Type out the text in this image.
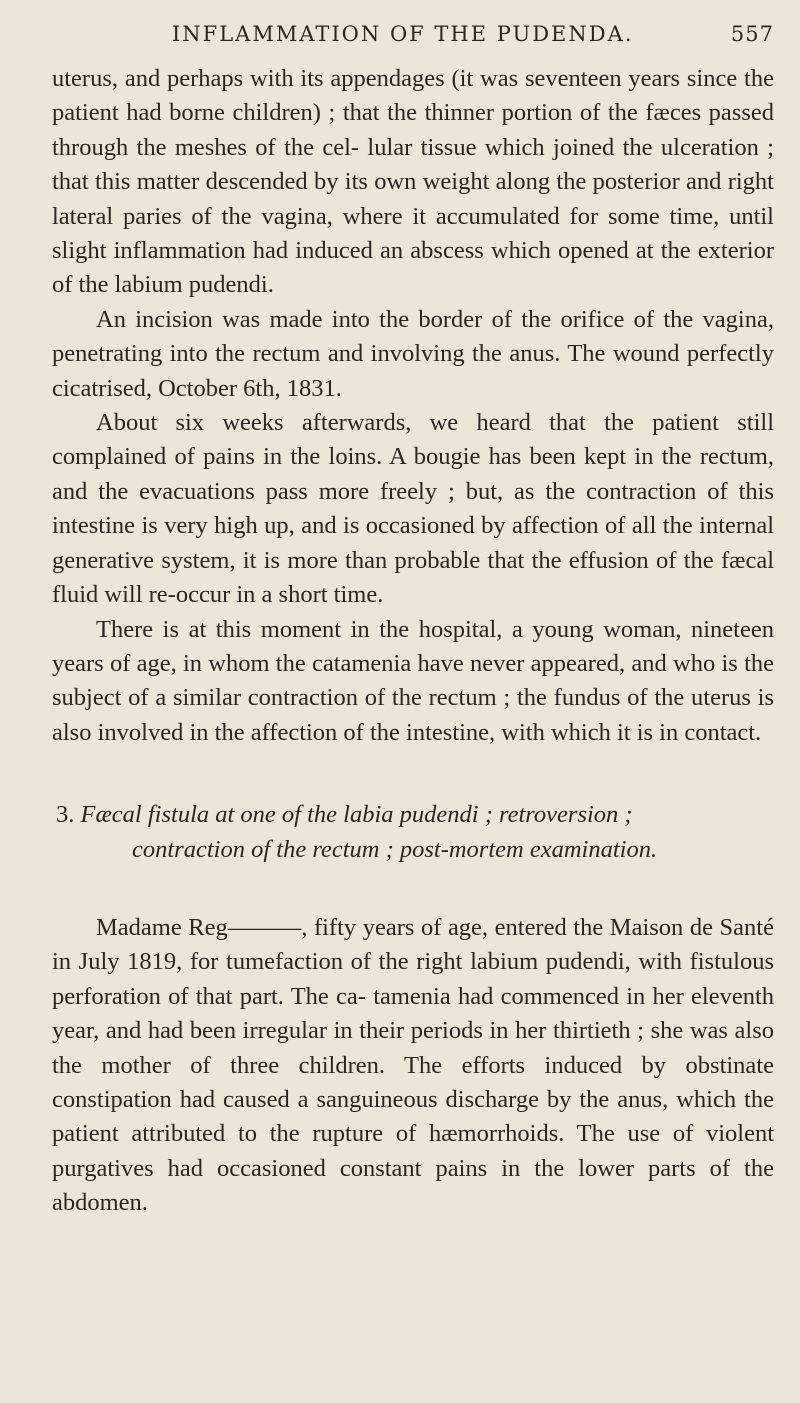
INFLAMMATION OF THE PUDENDA.	557

uterus, and perhaps with its appendages (it was seventeen years since the patient had borne children) ; that the thinner portion of the fæces passed through the meshes of the cel- lular tissue which joined the ulceration ; that this matter descended by its own weight along the posterior and right lateral paries of the vagina, where it accumulated for some time, until slight inflammation had induced an abscess which opened at the exterior of the labium pudendi.

An incision was made into the border of the orifice of the vagina, penetrating into the rectum and involving the anus. The wound perfectly cicatrised, October 6th, 1831.

About six weeks afterwards, we heard that the patient still complained of pains in the loins. A bougie has been kept in the rectum, and the evacuations pass more freely ; but, as the contraction of this intestine is very high up, and is occasioned by affection of all the internal generative system, it is more than probable that the effusion of the fæcal fluid will re-occur in a short time.

There is at this moment in the hospital, a young woman, nineteen years of age, in whom the catamenia have never appeared, and who is the subject of a similar contraction of the rectum ; the fundus of the uterus is also involved in the affection of the intestine, with which it is in contact.

3. Fæcal fistula at one of the labia pudendi ; retroversion ;
contraction of the rectum ; post-mortem examination.

Madame Reg———, fifty years of age, entered the Maison de Santé in July 1819, for tumefaction of the right labium pudendi, with fistulous perforation of that part. The ca- tamenia had commenced in her eleventh year, and had been irregular in their periods in her thirtieth ; she was also the mother of three children. The efforts induced by obstinate constipation had caused a sanguineous discharge by the anus, which the patient attributed to the rupture of hæmorrhoids. The use of violent purgatives had occasioned constant pains in the lower parts of the abdomen.
